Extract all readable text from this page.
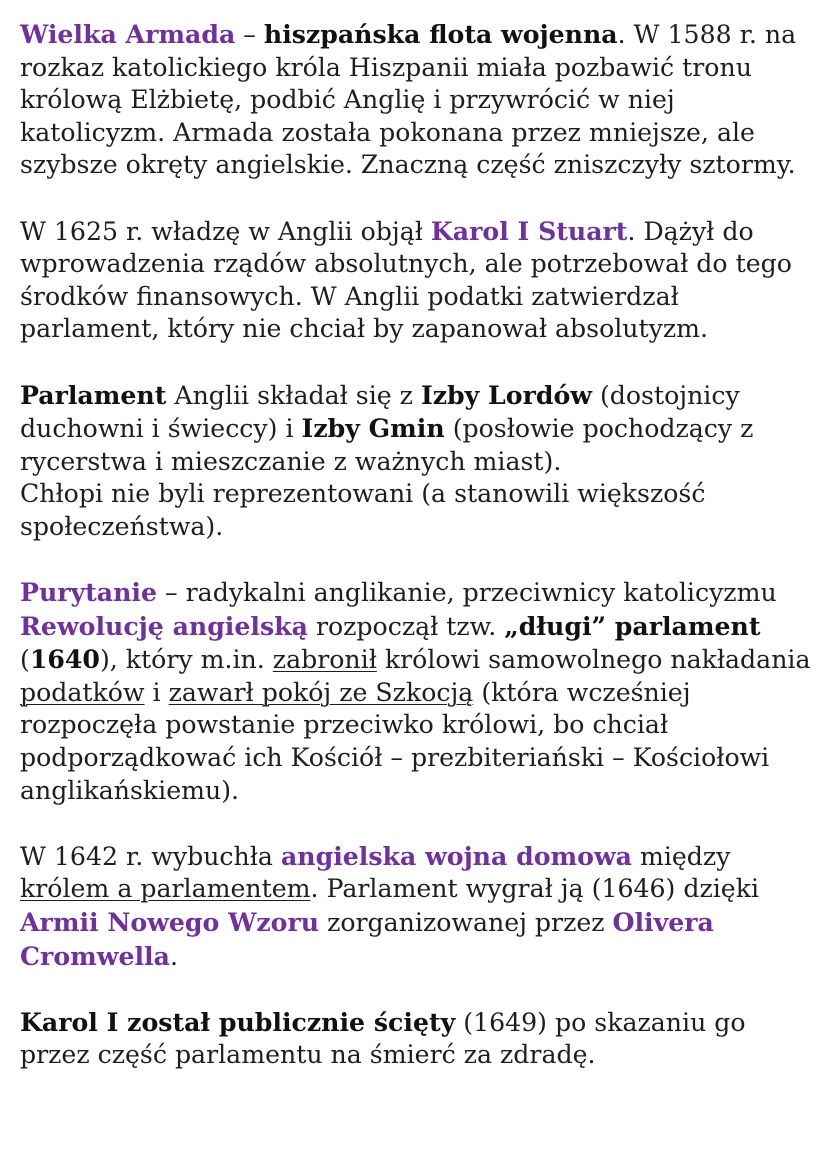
Wielka Armada – hiszpańska flota wojenna. W 1588 r. na rozkaz katolickiego króla Hiszpanii miała pozbawić tronu królową Elżbietę, podbić Anglię i przywrócić w niej katolicyzm. Armada została pokonana przez mniejsze, ale szybsze okręty angielskie. Znaczną część zniszczyły sztormy.

W 1625 r. władzę w Anglii objął Karol I Stuart. Dążył do wprowadzenia rządów absolutnych, ale potrzebował do tego środków finansowych. W Anglii podatki zatwierdzał parlament, który nie chciał by zapanował absolutyzm.

Parlament Anglii składał się z Izby Lordów (dostojnicy duchowni i świeccy) i Izby Gmin (posłowie pochodzący z rycerstwa i mieszczanie z ważnych miast).
Chłopi nie byli reprezentowani (a stanowili większość społeczeństwa).

Purytanie – radykalni anglikanie, przeciwnicy katolicyzmu
Rewolucję angielską rozpoczął tzw. „długi” parlament
(1640), który m.in. zabronił królowi samowolnego nakładania podatków i zawarł pokój ze Szkocją (która wcześniej rozpoczęła powstanie przeciwko królowi, bo chciał podporządkować ich Kościół – prezbiteriański – Kościołowi anglikańskiemu).

W 1642 r. wybuchła angielska wojna domowa między królem a parlamentem. Parlament wygrał ją (1646) dzięki Armii Nowego Wzoru zorganizowanej przez Olivera Cromwella.

Karol I został publicznie ścięty (1649) po skazaniu go przez część parlamentu na śmierć za zdradę.
